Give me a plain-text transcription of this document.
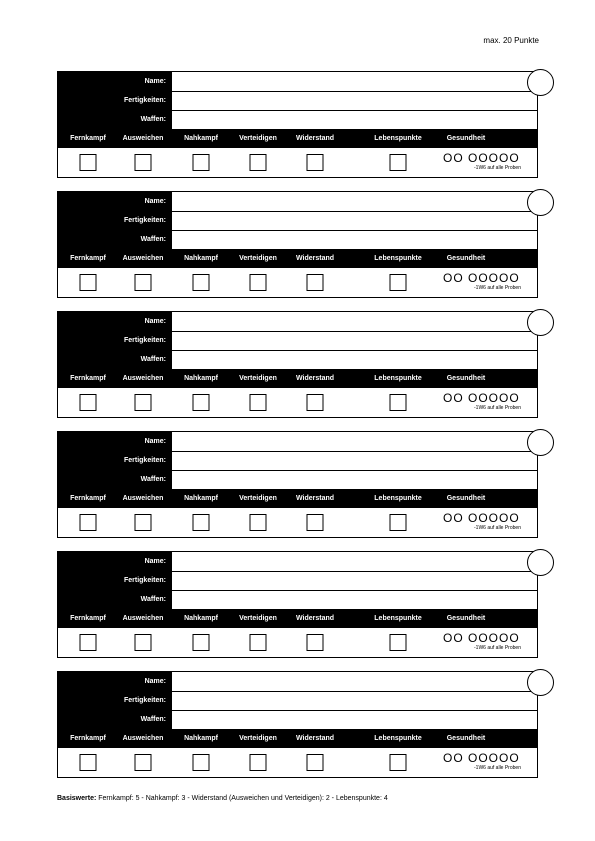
max. 20 Punkte
Name:
Fertigkeiten:
Waffen:
Fernkampf Ausweichen	Nahkampf	Verteidigen	Widerstand	Lebenspunkte	Gesundheit
OO OOOOO
-1W6 auf alle Proben
Name:
Fertigkeiten:
Waffen:
Fernkampf Ausweichen	Nahkampf	Verteidigen	Widerstand	Lebenspunkte	Gesundheit
OO OOOOO
-1W6 auf alle Proben
Name:
Fertigkeiten:
Waffen:
Fernkampf Ausweichen	Nahkampf	Verteidigen	Widerstand	Lebenspunkte	Gesundheit
OO OOOOO
-1W6 auf alle Proben
Name:
Fertigkeiten:
Waffen:
Fernkampf Ausweichen	Nahkampf	Verteidigen	Widerstand	Lebenspunkte	Gesundheit
OO OOOOO
-1W6 auf alle Proben
Name:
Fertigkeiten:
Waffen:
Fernkampf Ausweichen	Nahkampf	Verteidigen	Widerstand	Lebenspunkte	Gesundheit
OO OOOOO
-1W6 auf alle Proben
Name:
Fertigkeiten:
Waffen:
Fernkampf Ausweichen	Nahkampf	Verteidigen	Widerstand	Lebenspunkte	Gesundheit
OO OOOOO
-1W6 auf alle Proben
Basiswerte: Fernkampf: 5 - Nahkampf: 3 - Widerstand (Ausweichen und Verteidigen): 2 - Lebenspunkte: 4
